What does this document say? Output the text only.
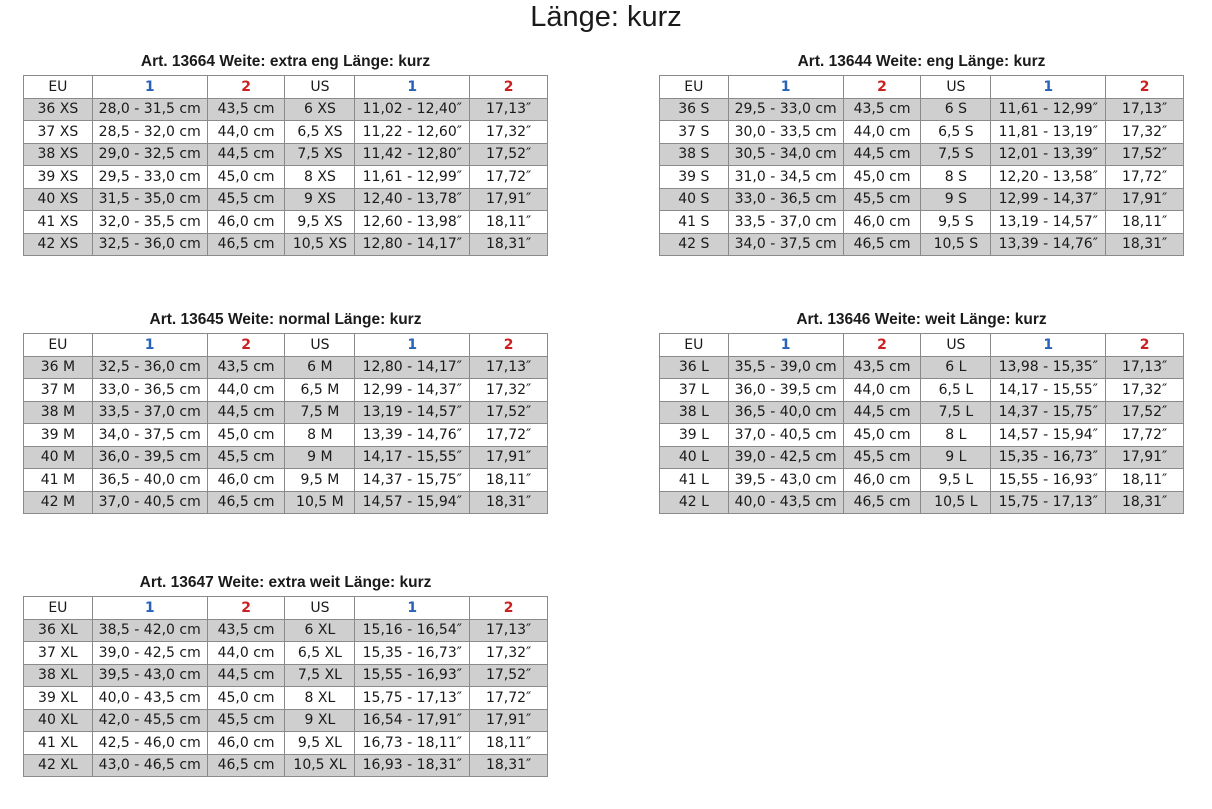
Länge: kurz
Art. 13664 Weite: extra eng Länge: kurz
EU	1	2	US	1	2
36 XS	28,0 - 31,5 cm	43,5 cm	6 XS	11,02 - 12,40″	17,13″
37 XS	28,5 - 32,0 cm	44,0 cm	6,5 XS	11,22 - 12,60″	17,32″
38 XS	29,0 - 32,5 cm	44,5 cm	7,5 XS	11,42 - 12,80″	17,52″
39 XS	29,5 - 33,0 cm	45,0 cm	8 XS	11,61 - 12,99″	17,72″
40 XS	31,5 - 35,0 cm	45,5 cm	9 XS	12,40 - 13,78″	17,91″
41 XS	32,0 - 35,5 cm	46,0 cm	9,5 XS	12,60 - 13,98″	18,11″
42 XS	32,5 - 36,0 cm	46,5 cm	10,5 XS	12,80 - 14,17″	18,31″
Art. 13644 Weite: eng Länge: kurz
EU	1	2	US	1	2
36 S	29,5 - 33,0 cm	43,5 cm	6 S	11,61 - 12,99″	17,13″
37 S	30,0 - 33,5 cm	44,0 cm	6,5 S	11,81 - 13,19″	17,32″
38 S	30,5 - 34,0 cm	44,5 cm	7,5 S	12,01 - 13,39″	17,52″
39 S	31,0 - 34,5 cm	45,0 cm	8 S	12,20 - 13,58″	17,72″
40 S	33,0 - 36,5 cm	45,5 cm	9 S	12,99 - 14,37″	17,91″
41 S	33,5 - 37,0 cm	46,0 cm	9,5 S	13,19 - 14,57″	18,11″
42 S	34,0 - 37,5 cm	46,5 cm	10,5 S	13,39 - 14,76″	18,31″
Art. 13645 Weite: normal Länge: kurz
EU	1	2	US	1	2
36 M	32,5 - 36,0 cm	43,5 cm	6 M	12,80 - 14,17″	17,13″
37 M	33,0 - 36,5 cm	44,0 cm	6,5 M	12,99 - 14,37″	17,32″
38 M	33,5 - 37,0 cm	44,5 cm	7,5 M	13,19 - 14,57″	17,52″
39 M	34,0 - 37,5 cm	45,0 cm	8 M	13,39 - 14,76″	17,72″
40 M	36,0 - 39,5 cm	45,5 cm	9 M	14,17 - 15,55″	17,91″
41 M	36,5 - 40,0 cm	46,0 cm	9,5 M	14,37 - 15,75″	18,11″
42 M	37,0 - 40,5 cm	46,5 cm	10,5 M	14,57 - 15,94″	18,31″
Art. 13646 Weite: weit Länge: kurz
EU	1	2	US	1	2
36 L	35,5 - 39,0 cm	43,5 cm	6 L	13,98 - 15,35″	17,13″
37 L	36,0 - 39,5 cm	44,0 cm	6,5 L	14,17 - 15,55″	17,32″
38 L	36,5 - 40,0 cm	44,5 cm	7,5 L	14,37 - 15,75″	17,52″
39 L	37,0 - 40,5 cm	45,0 cm	8 L	14,57 - 15,94″	17,72″
40 L	39,0 - 42,5 cm	45,5 cm	9 L	15,35 - 16,73″	17,91″
41 L	39,5 - 43,0 cm	46,0 cm	9,5 L	15,55 - 16,93″	18,11″
42 L	40,0 - 43,5 cm	46,5 cm	10,5 L	15,75 - 17,13″	18,31″
Art. 13647 Weite: extra weit Länge: kurz
EU	1	2	US	1	2
36 XL	38,5 - 42,0 cm	43,5 cm	6 XL	15,16 - 16,54″	17,13″
37 XL	39,0 - 42,5 cm	44,0 cm	6,5 XL	15,35 - 16,73″	17,32″
38 XL	39,5 - 43,0 cm	44,5 cm	7,5 XL	15,55 - 16,93″	17,52″
39 XL	40,0 - 43,5 cm	45,0 cm	8 XL	15,75 - 17,13″	17,72″
40 XL	42,0 - 45,5 cm	45,5 cm	9 XL	16,54 - 17,91″	17,91″
41 XL	42,5 - 46,0 cm	46,0 cm	9,5 XL	16,73 - 18,11″	18,11″
42 XL	43,0 - 46,5 cm	46,5 cm	10,5 XL	16,93 - 18,31″	18,31″
